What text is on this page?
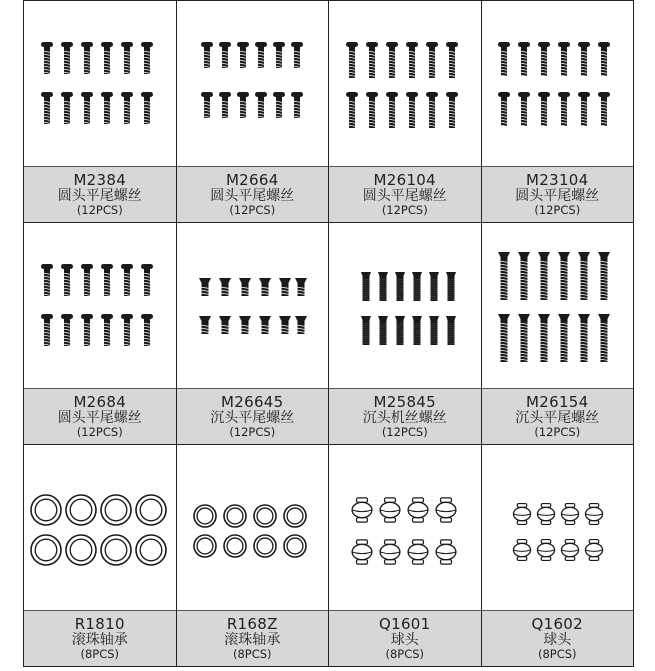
M2384
圆头平尾螺丝
(12PCS)
M2664
圆头平尾螺丝
(12PCS)
M26104
圆头平尾螺丝
(12PCS)
M23104
圆头平尾螺丝
(12PCS)
M2684
圆头平尾螺丝
(12PCS)
M26645
沉头平尾螺丝
(12PCS)
M25845
沉头机丝螺丝
(12PCS)
M26154
沉头平尾螺丝
(12PCS)
R1810
滚珠轴承
(8PCS)
R168Z
滚珠轴承
(8PCS)
Q1601
球头
(8PCS)
Q1602
球头
(8PCS)
